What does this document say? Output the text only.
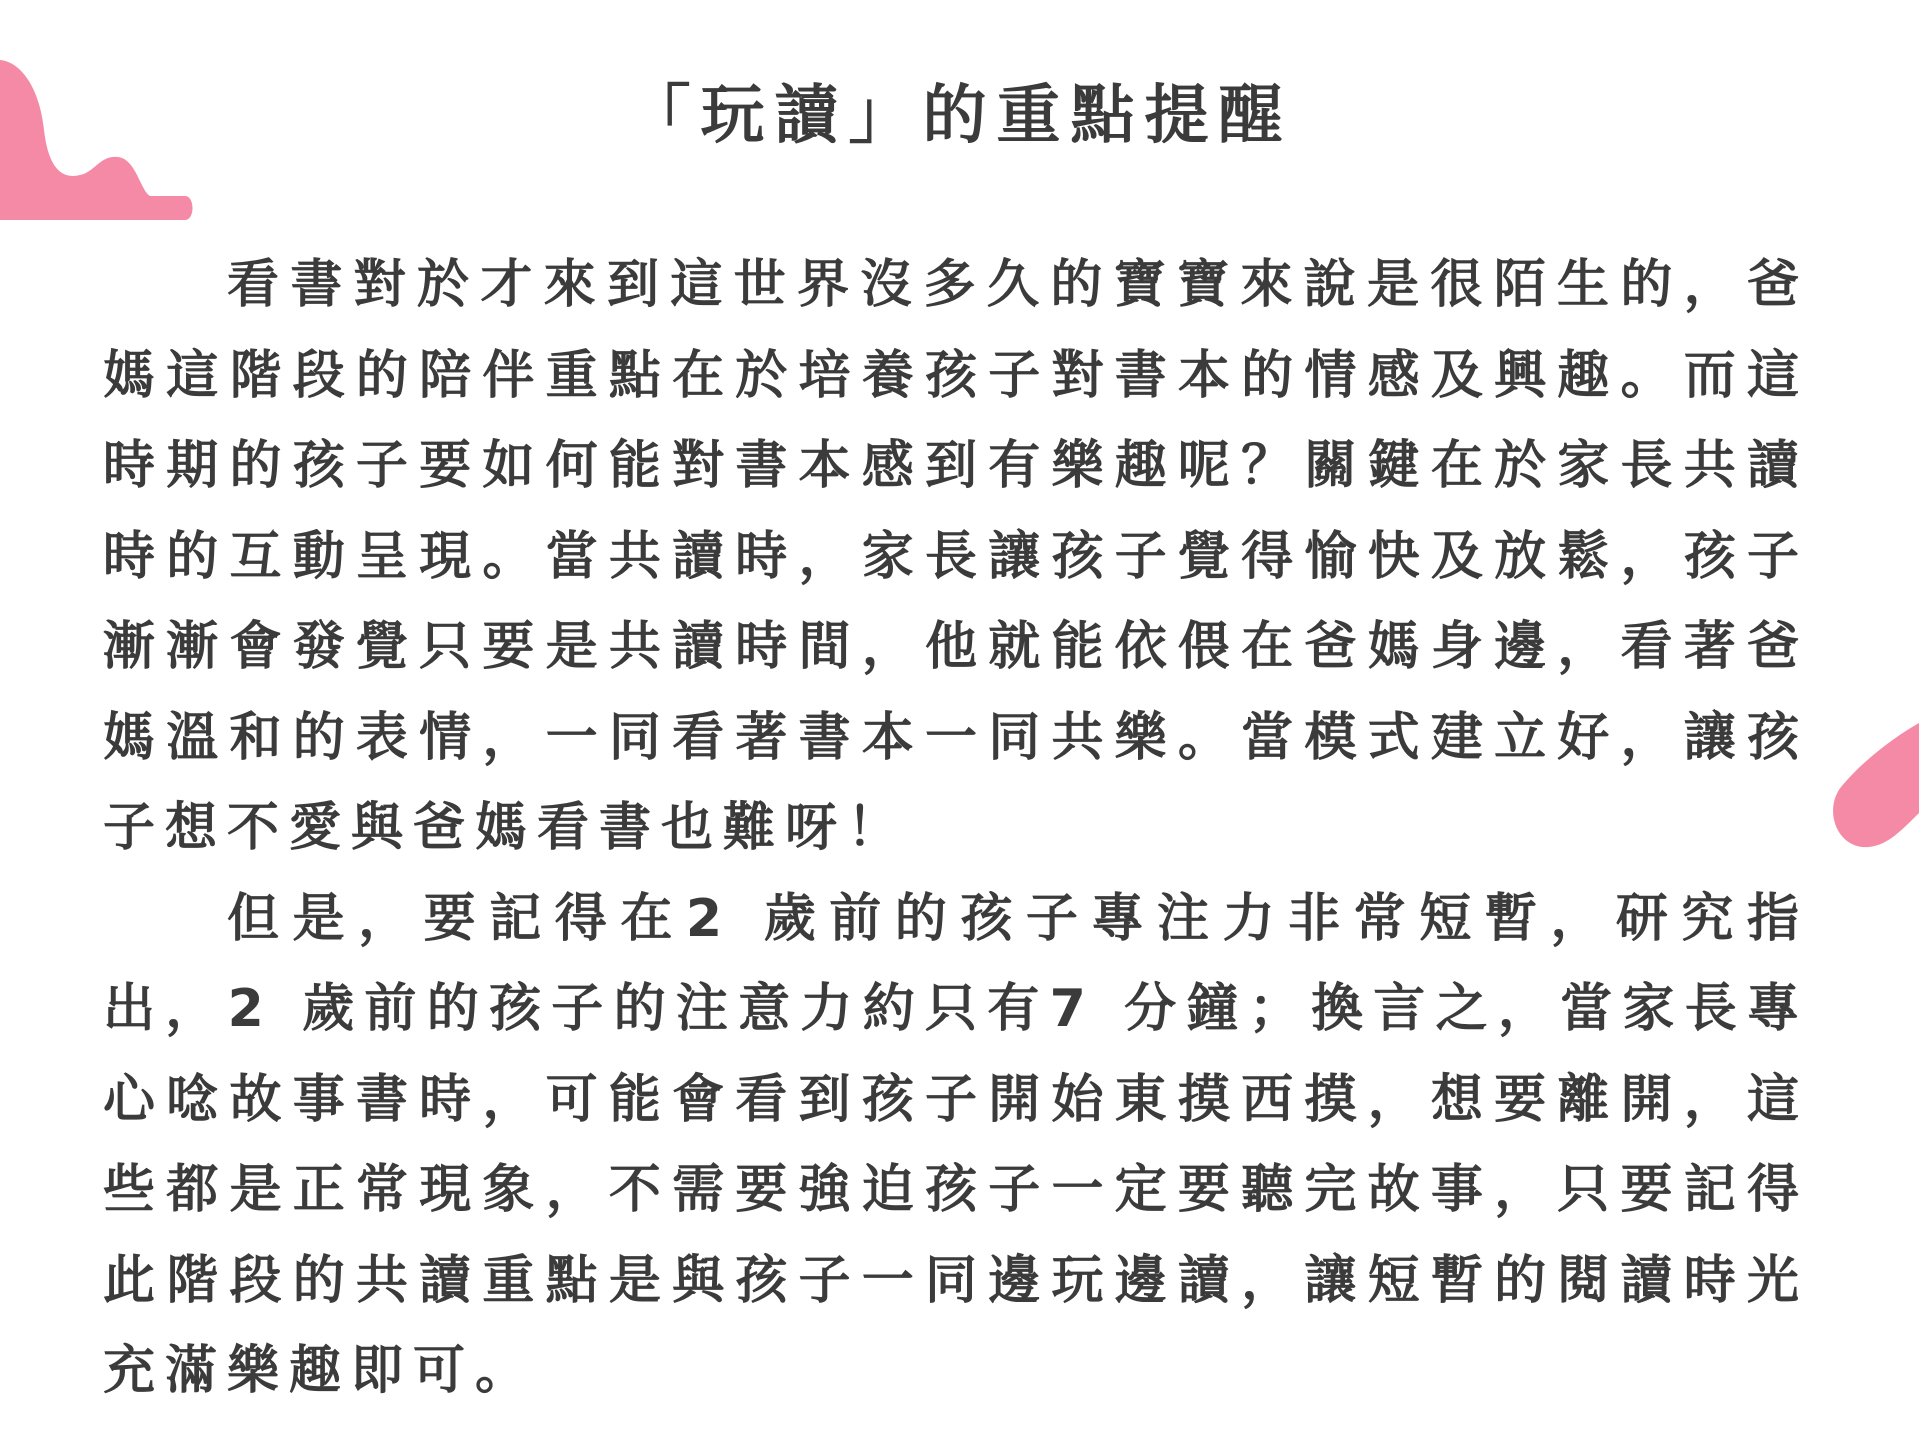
「玩讀」的重點提醒

看書對於才來到這世界沒多久的寶寶來說是很陌生的，爸媽這階段的陪伴重點在於培養孩子對書本的情感及興趣。而這時期的孩子要如何能對書本感到有樂趣呢？關鍵在於家長共讀時的互動呈現。當共讀時，家長讓孩子覺得愉快及放鬆，孩子漸漸會發覺只要是共讀時間，他就能依偎在爸媽身邊，看著爸媽溫和的表情，一同看著書本一同共樂。當模式建立好，讓孩子想不愛與爸媽看書也難呀！

但是，要記得在2 歲前的孩子專注力非常短暫，研究指出，2 歲前的孩子的注意力約只有7 分鐘；換言之，當家長專心唸故事書時，可能會看到孩子開始東摸西摸，想要離開，這些都是正常現象，不需要強迫孩子一定要聽完故事，只要記得此階段的共讀重點是與孩子一同邊玩邊讀，讓短暫的閱讀時光充滿樂趣即可。
